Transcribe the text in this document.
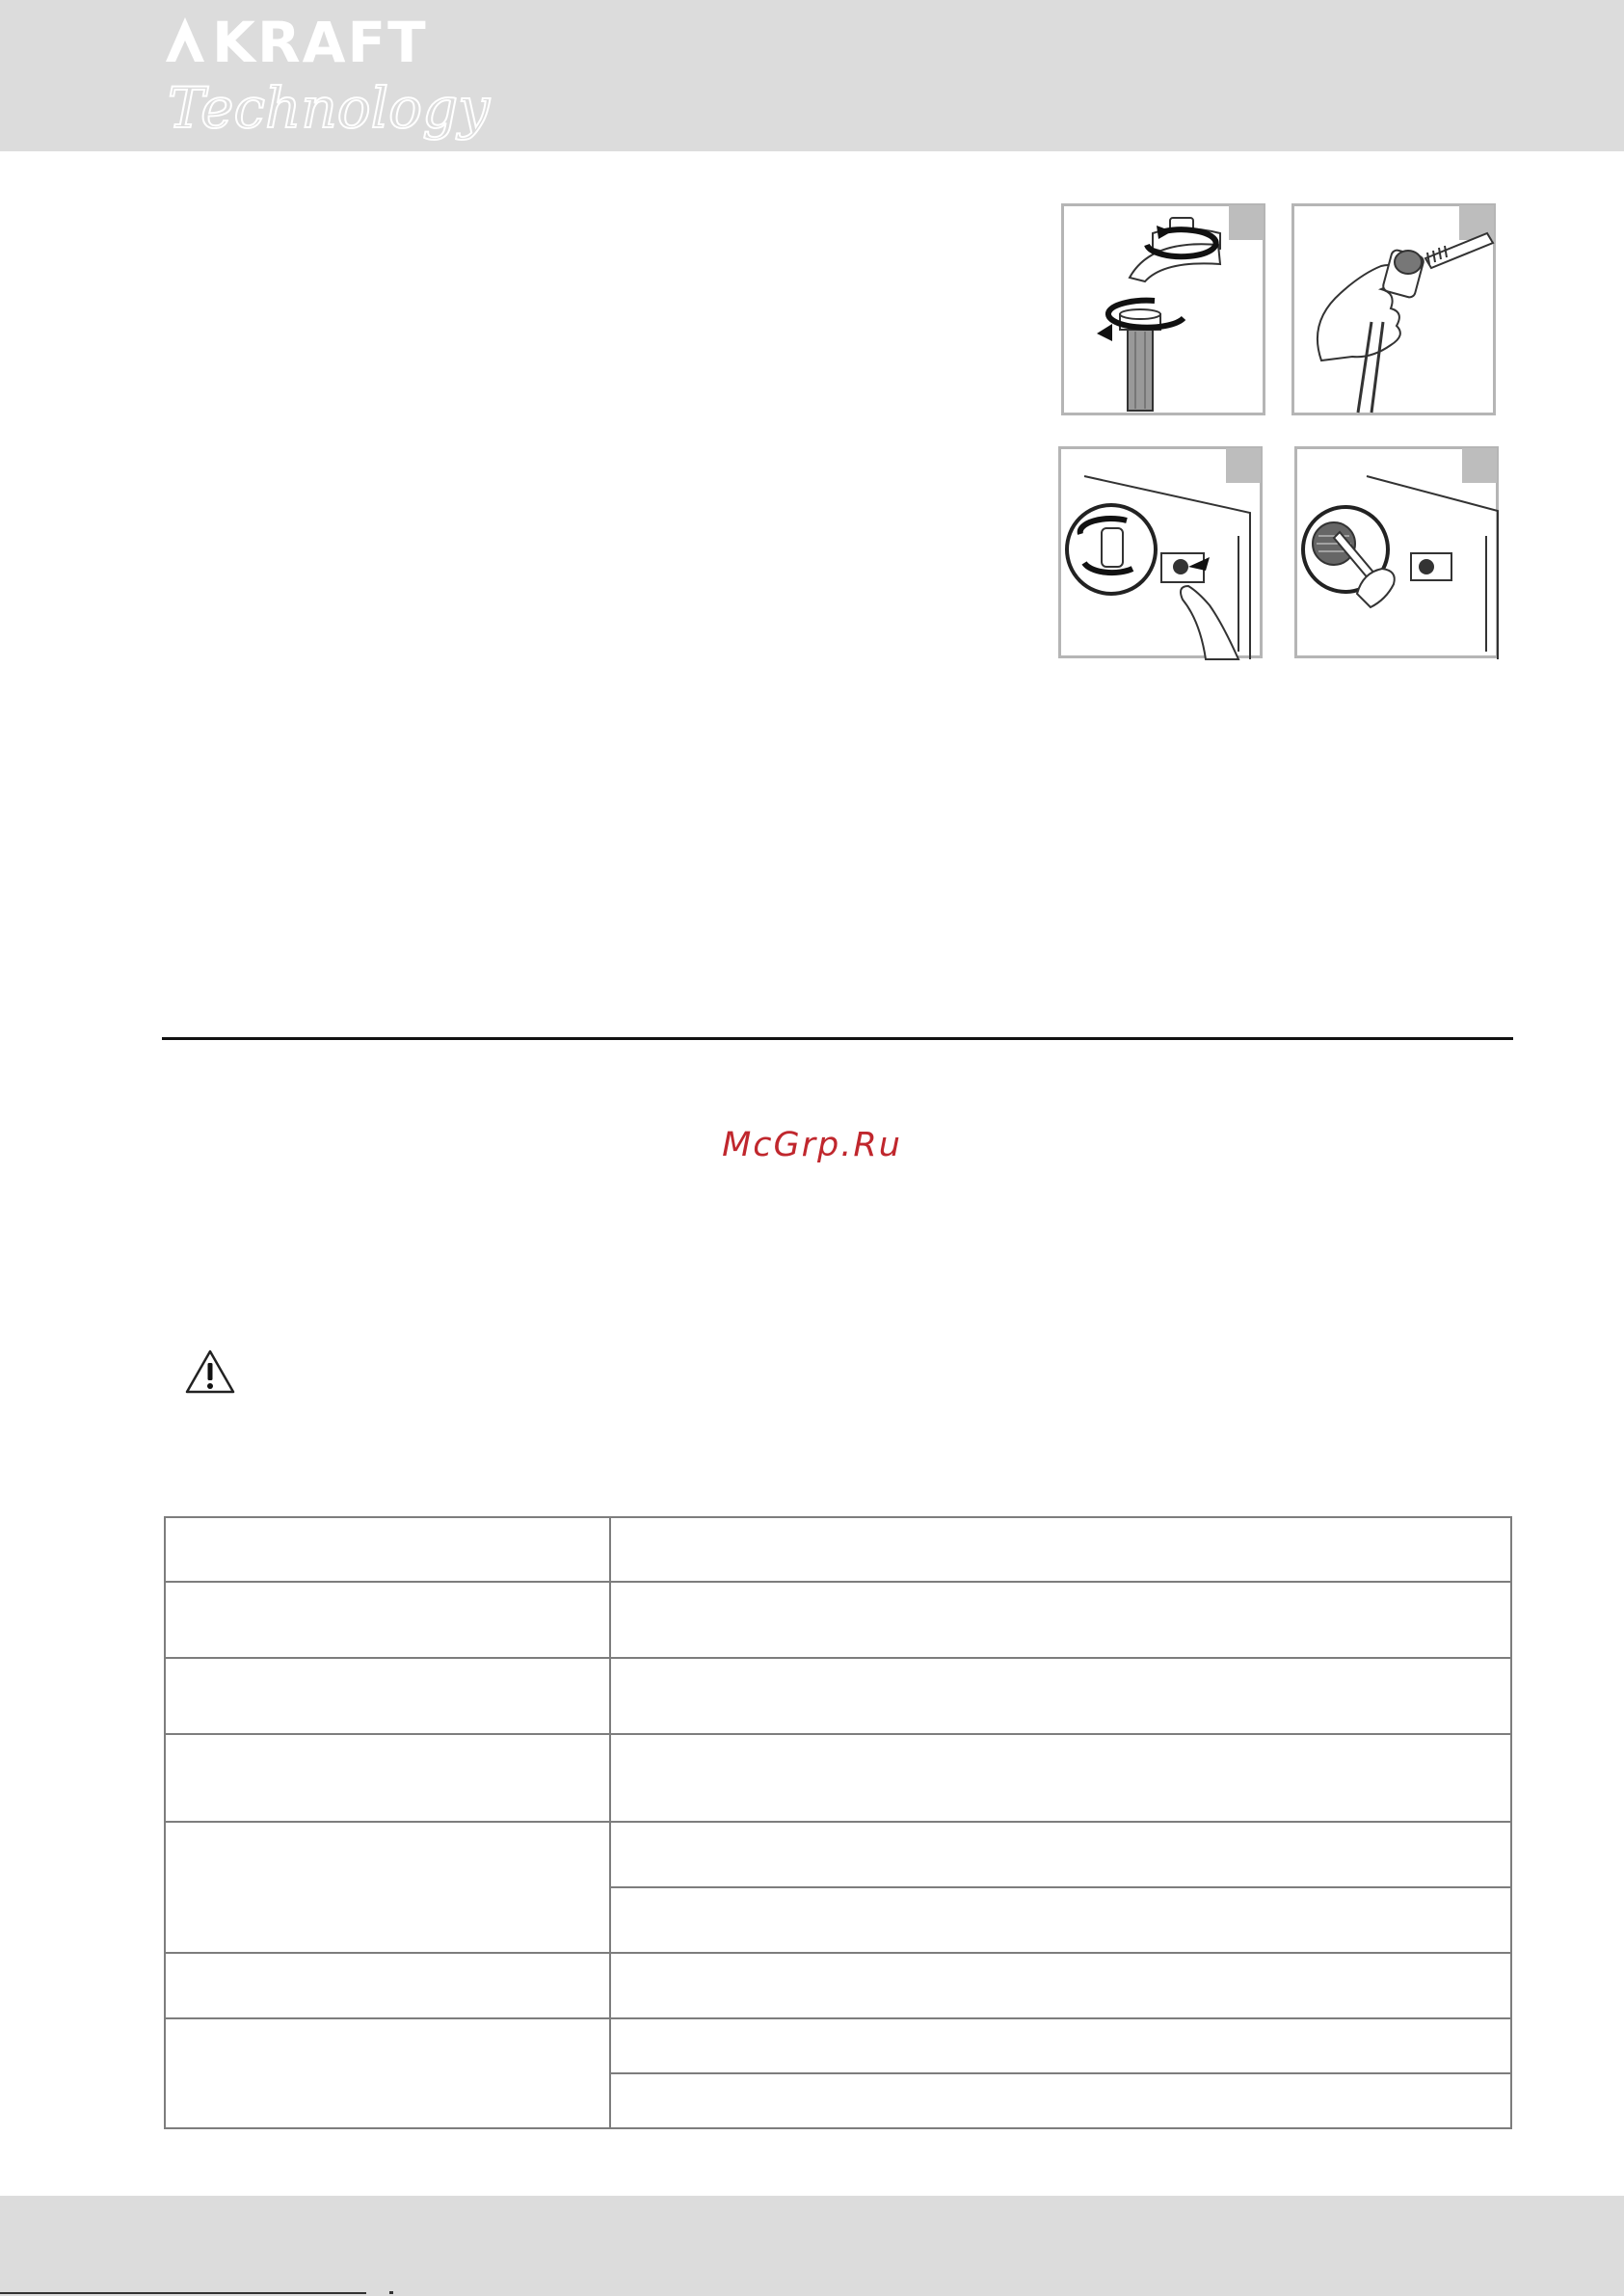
KRAFT
Technology
McGrp.Ru
